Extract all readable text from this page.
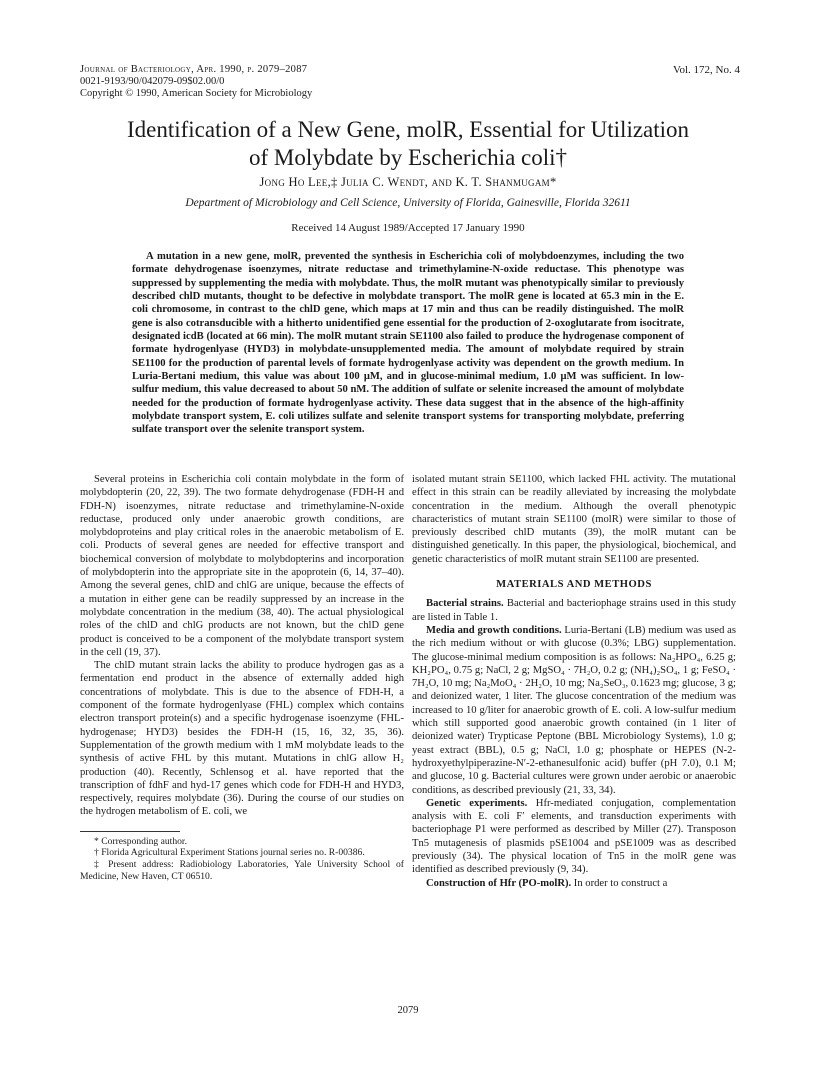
Journal of Bacteriology, Apr. 1990, p. 2079–2087
0021-9193/90/042079-09$02.00/0
Copyright © 1990, American Society for Microbiology
Vol. 172, No. 4
Identification of a New Gene, molR, Essential for Utilization
of Molybdate by Escherichia coli†
Jong Ho Lee,‡ Julia C. Wendt, and K. T. Shanmugam*
Department of Microbiology and Cell Science, University of Florida, Gainesville, Florida 32611
Received 14 August 1989/Accepted 17 January 1990
A mutation in a new gene, molR, prevented the synthesis in Escherichia coli of molybdoenzymes, including the two formate dehydrogenase isoenzymes, nitrate reductase and trimethylamine-N-oxide reductase. This phenotype was suppressed by supplementing the media with molybdate. Thus, the molR mutant was phenotypically similar to previously described chlD mutants, thought to be defective in molybdate transport. The molR gene is located at 65.3 min in the E. coli chromosome, in contrast to the chlD gene, which maps at 17 min and thus can be readily distinguished. The molR gene is also cotransducible with a hitherto unidentified gene essential for the production of 2-oxoglutarate from isocitrate, designated icdB (located at 66 min). The molR mutant strain SE1100 also failed to produce the hydrogenase component of formate hydrogenlyase (HYD3) in molybdate-unsupplemented media. The amount of molybdate required by strain SE1100 for the production of parental levels of formate hydrogenlyase activity was dependent on the growth medium. In Luria-Bertani medium, this value was about 100 μM, and in glucose-minimal medium, 1.0 μM was sufficient. In low-sulfur medium, this value decreased to about 50 nM. The addition of sulfate or selenite increased the amount of molybdate needed for the production of formate hydrogenlyase activity. These data suggest that in the absence of the high-affinity molybdate transport system, E. coli utilizes sulfate and selenite transport systems for transporting molybdate, preferring sulfate transport over the selenite transport system.

Several proteins in Escherichia coli contain molybdate in the form of molybdopterin (20, 22, 39). The two formate dehydrogenase (FDH-H and FDH-N) isoenzymes, nitrate reductase and trimethylamine-N-oxide reductase, produced only under anaerobic growth conditions, are molybdoproteins and play critical roles in the anaerobic metabolism of E. coli. Products of several genes are needed for effective transport and biochemical conversion of molybdate to molybdopterins and incorporation of molybdopterin into the appropriate site in the apoprotein (6, 14, 37–40). Among the several genes, chlD and chlG are unique, because the effects of a mutation in either gene can be readily suppressed by an increase in the molybdate concentration in the medium (38, 40). The actual physiological roles of the chlD and chlG products are not known, but the chlD gene product is conceived to be a component of the molybdate transport system in the cell (19, 37).

The chlD mutant strain lacks the ability to produce hydrogen gas as a fermentation end product in the absence of externally added high concentrations of molybdate. This is due to the absence of FDH-H, a component of the formate hydrogenlyase (FHL) complex which contains electron transport protein(s) and a specific hydrogenase isoenzyme (FHL-hydrogenase; HYD3) besides the FDH-H (15, 16, 32, 35, 36). Supplementation of the growth medium with 1 mM molybdate leads to the synthesis of active FHL by this mutant. Mutations in chlG allow H₂ production (40). Recently, Schlensog et al. have reported that the transcription of fdhF and hyd-17 genes which code for FDH-H and HYD3, respectively, requires molybdate (36). During the course of our studies on the hydrogen metabolism of E. coli, we

* Corresponding author.

† Florida Agricultural Experiment Stations journal series no. R-00386.

‡ Present address: Radiobiology Laboratories, Yale University School of Medicine, New Haven, CT 06510.

isolated mutant strain SE1100, which lacked FHL activity. The mutational effect in this strain can be readily alleviated by increasing the molybdate concentration in the medium. Although the overall phenotypic characteristics of mutant strain SE1100 (molR) were similar to those of previously described chlD mutants (39), the molR mutant can be distinguished genetically. In this paper, the physiological, biochemical, and genetic characteristics of molR mutant strain SE1100 are presented.

MATERIALS AND METHODS

Bacterial strains. Bacterial and bacteriophage strains used in this study are listed in Table 1.

Media and growth conditions. Luria-Bertani (LB) medium was used as the rich medium without or with glucose (0.3%; LBG) supplementation. The glucose-minimal medium composition is as follows: Na₂HPO₄, 6.25 g; KH₂PO₄, 0.75 g; NaCl, 2 g; MgSO₄ · 7H₂O, 0.2 g; (NH₄)₂SO₄, 1 g; FeSO₄ · 7H₂O, 10 mg; Na₂MoO₄ · 2H₂O, 10 mg; Na₂SeO₃, 0.1623 mg; glucose, 3 g; and deionized water, 1 liter. The glucose concentration of the medium was increased to 10 g/liter for anaerobic growth of E. coli. A low-sulfur medium which still supported good anaerobic growth contained (in 1 liter of deionized water) Trypticase Peptone (BBL Microbiology Systems), 1.0 g; yeast extract (BBL), 0.5 g; NaCl, 1.0 g; phosphate or HEPES (N-2-hydroxyethylpiperazine-N′-2-ethanesulfonic acid) buffer (pH 7.0), 0.1 M; and glucose, 10 g. Bacterial cultures were grown under aerobic or anaerobic conditions, as described previously (21, 33, 34).

Genetic experiments. Hfr-mediated conjugation, complementation analysis with E. coli F′ elements, and transduction experiments with bacteriophage P1 were performed as described by Miller (27). Transposon Tn5 mutagenesis of plasmids pSE1004 and pSE1009 was as described previously (34). The physical location of Tn5 in the molR gene was identified as described previously (9, 34).

Construction of Hfr (PO-molR). In order to construct a

2079
